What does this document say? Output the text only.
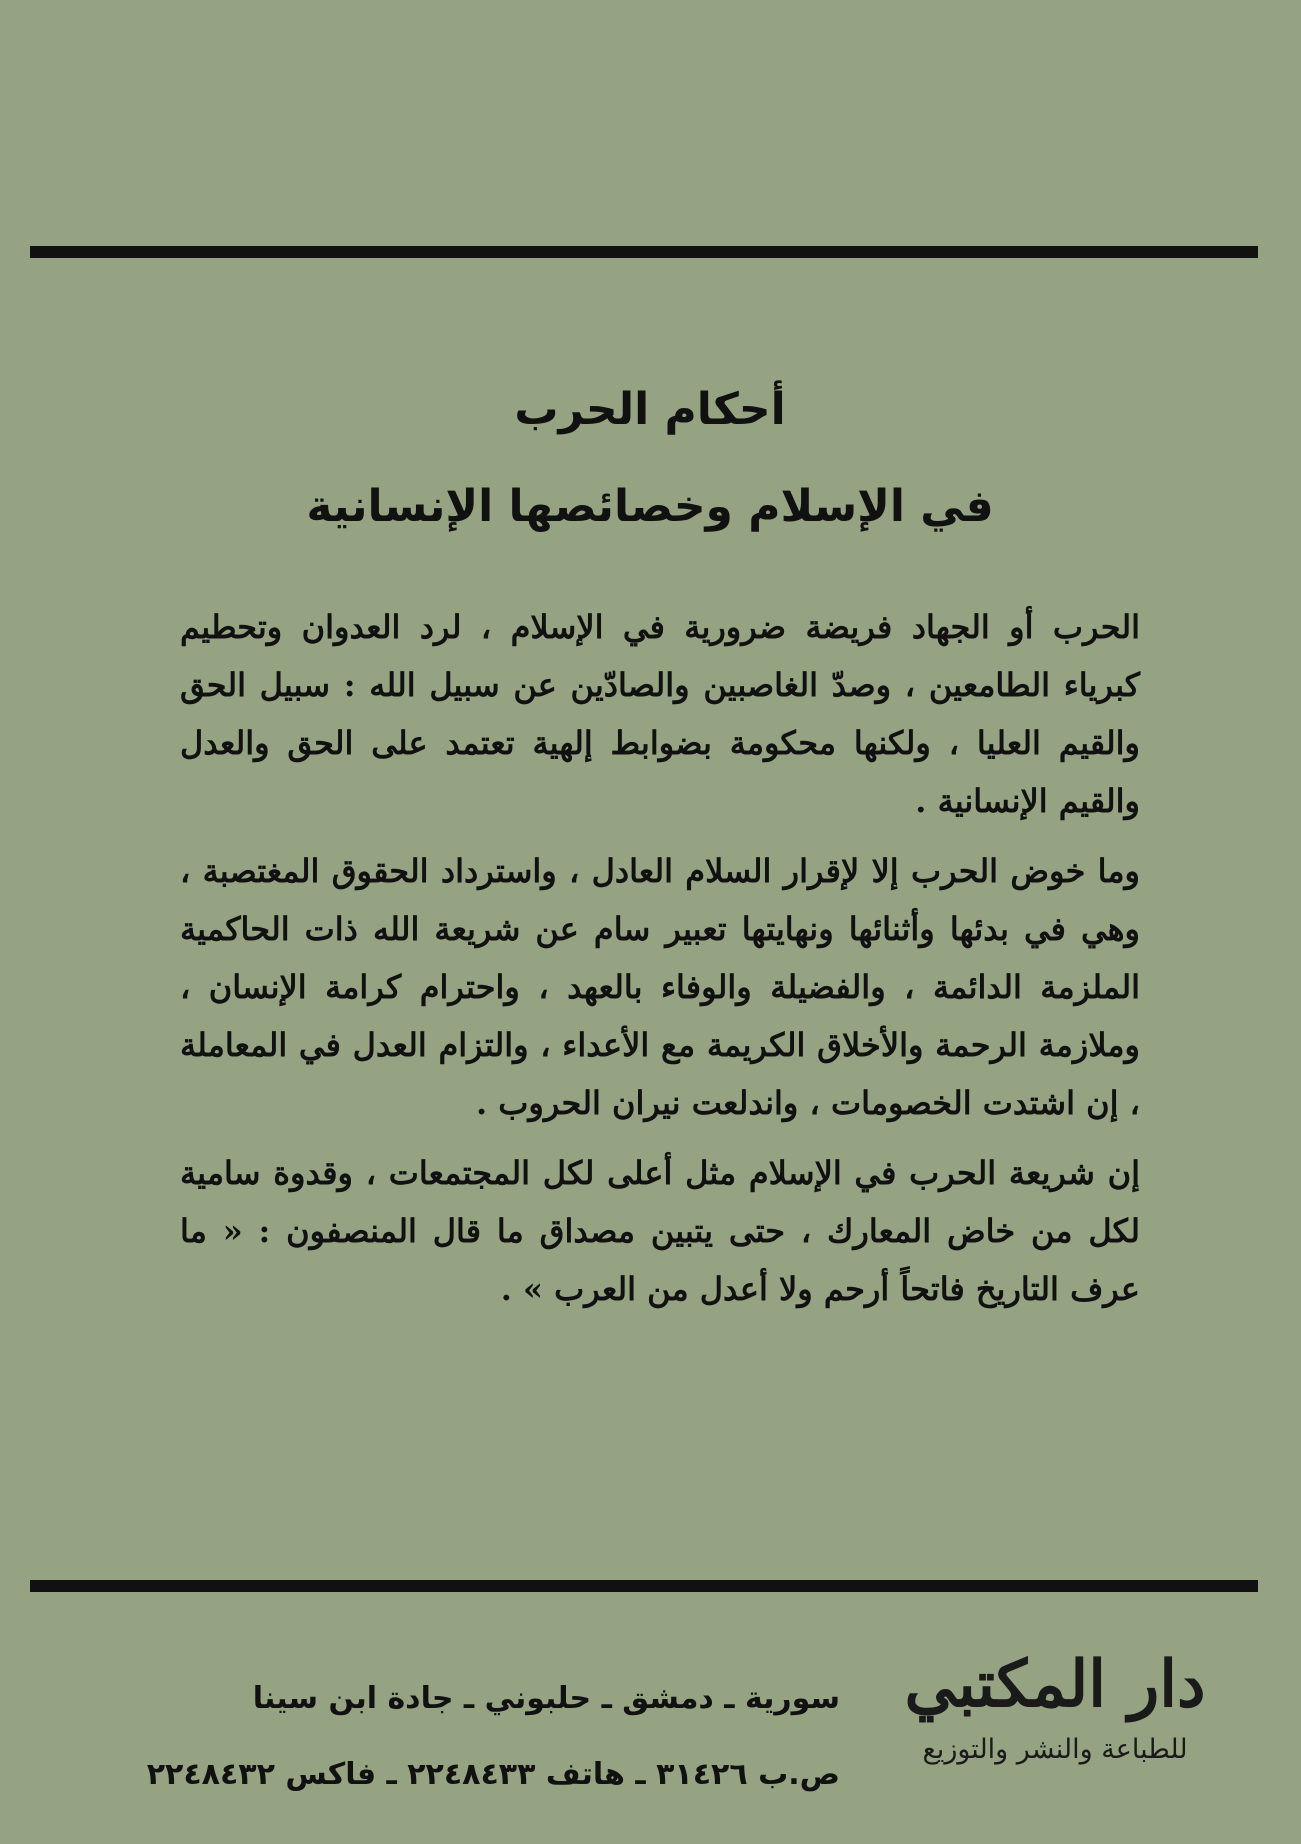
أحكام الحرب
في الإسلام وخصائصها الإنسانية

الحرب أو الجهاد فريضة ضرورية في الإسلام ، لرد العدوان وتحطيم كبرياء الطامعين ، وصدّ الغاصبين والصادّين عن سبيل الله : سبيل الحق والقيم العليا ، ولكنها محكومة بضوابط إلهية تعتمد على الحق والعدل والقيم الإنسانية .

وما خوض الحرب إلا لإقرار السلام العادل ، واسترداد الحقوق المغتصبة ، وهي في بدئها وأثنائها ونهايتها تعبير سام عن شريعة الله ذات الحاكمية الملزمة الدائمة ، والفضيلة والوفاء بالعهد ، واحترام كرامة الإنسان ، وملازمة الرحمة والأخلاق الكريمة مع الأعداء ، والتزام العدل في المعاملة ، إن اشتدت الخصومات ، واندلعت نيران الحروب .

إن شريعة الحرب في الإسلام مثل أعلى لكل المجتمعات ، وقدوة سامية لكل من خاض المعارك ، حتى يتبين مصداق ما قال المنصفون : « ما عرف التاريخ فاتحاً أرحم ولا أعدل من العرب » .

دار المكتبي
للطباعة والنشر والتوزيع
سورية ـ دمشق ـ حلبوني ـ جادة ابن سينا
ص.ب ٣١٤٢٦ ـ هاتف ٢٢٤٨٤٣٣ ـ فاكس ٢٢٤٨٤٣٢
